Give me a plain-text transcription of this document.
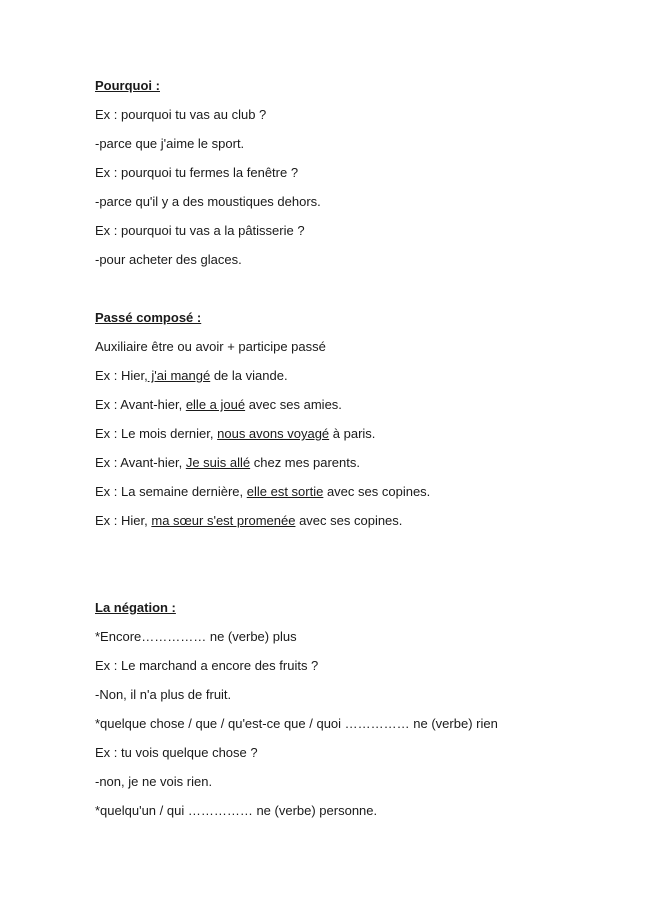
Pourquoi :
Ex : pourquoi tu vas au club ?
-parce que j'aime le sport.
Ex : pourquoi tu fermes la fenêtre ?
-parce qu'il y a des moustiques dehors.
Ex : pourquoi tu vas a la pâtisserie ?
-pour acheter des glaces.
Passé composé :
Auxiliaire être ou avoir + participe passé
Ex : Hier, j'ai mangé de la viande.
Ex : Avant-hier, elle a joué avec ses amies.
Ex : Le mois dernier, nous avons voyagé à paris.
Ex : Avant-hier, Je suis allé chez mes parents.
Ex : La semaine dernière, elle est sortie avec ses copines.
Ex : Hier, ma sœur s'est promenée avec ses copines.
La négation :
*Encore…………… ne (verbe) plus
Ex : Le marchand a encore des fruits ?
-Non, il n'a plus de fruit.
*quelque chose / que / qu'est-ce que / quoi …………… ne (verbe) rien
Ex : tu vois quelque chose ?
-non, je ne vois rien.
*quelqu'un / qui …………… ne (verbe) personne.
